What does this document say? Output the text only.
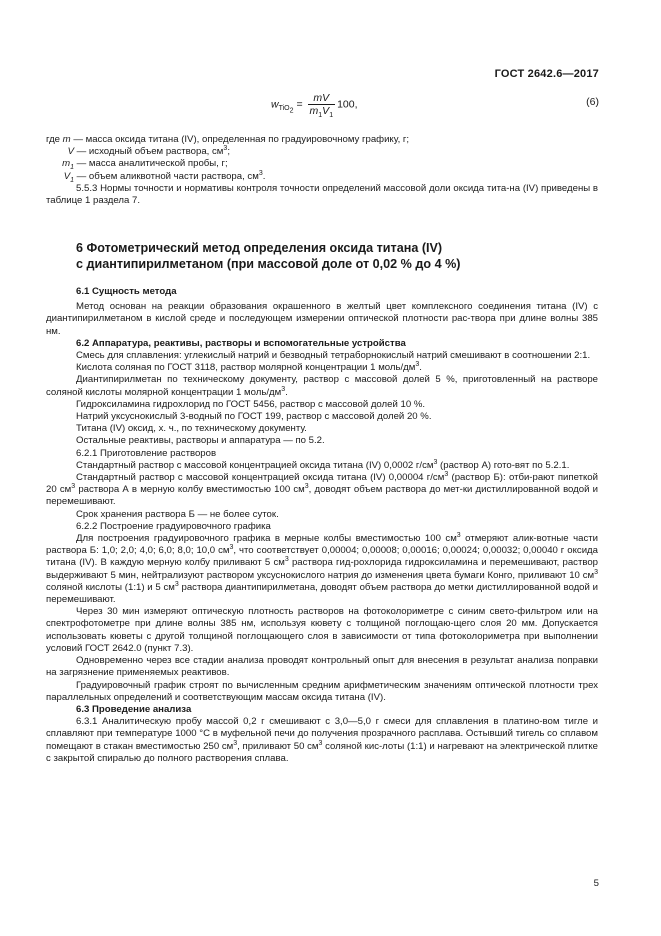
ГОСТ 2642.6—2017
$w_{TiO_2} = \frac{mV}{m_1V_1} 100$,	(6)

где m — масса оксида титана (IV), определенная по градуировочному графику, г;

V — исходный объем раствора, $см^3$;

$m_1$ — масса аналитической пробы, г;

$V_1$ — объем аликвотной части раствора, $см^3$.

5.5.3 Нормы точности и нормативы контроля точности определений массовой доли оксида тита-на (IV) приведены в таблице 1 раздела 7.

6 Фотометрический метод определения оксида титана (IV)

с диантипирилметаном (при массовой доле от 0,02 % до 4 %)

6.1 Сущность метода

Метод основан на реакции образования окрашенного в желтый цвет комплексного соединения титана (IV) с диантипирилметаном в кислой среде и последующем измерении оптической плотности рас-твора при длине волны 385 нм.

6.2 Аппаратура, реактивы, растворы и вспомогательные устройства

Смесь для сплавления: углекислый натрий и безводный тетраборнокислый натрий смешивают в соотношении 2:1.

Кислота соляная по ГОСТ 3118, раствор молярной концентрации 1 моль/$дм^3$.

Диантипирилметан по техническому документу, раствор с массовой долей 5 %, приготовленный на растворе соляной кислоты молярной концентрации 1 моль/$дм^3$.

Гидроксиламина гидрохлорид по ГОСТ 5456, раствор с массовой долей 10 %.

Натрий уксуснокислый 3-водный по ГОСТ 199, раствор с массовой долей 20 %.

Титана (IV) оксид, х. ч., по техническому документу.

Остальные реактивы, растворы и аппаратура — по 5.2.

6.2.1 Приготовление растворов

Стандартный раствор с массовой концентрацией оксида титана (IV) 0,0002 $г/см^3$ (раствор А) гото-вят по 5.2.1.

Стандартный раствор с массовой концентрацией оксида титана (IV) 0,00004 $г/см^3$ (раствор Б): отби-рают пипеткой 20 $см^3$ раствора А в мерную колбу вместимостью 100 $см^3$, доводят объем раствора до мет-ки дистиллированной водой и перемешивают.

Срок хранения раствора Б — не более суток.

6.2.2 Построение градуировочного графика

Для построения градуировочного графика в мерные колбы вместимостью 100 $см^3$ отмеряют алик-вотные части раствора Б: 1,0; 2,0; 4,0; 6,0; 8,0; 10,0 $см^3$, что соответствует 0,00004; 0,00008; 0,00016; 0,00024; 0,00032; 0,00040 г оксида титана (IV). В каждую мерную колбу приливают 5 $см^3$ раствора гид-рохлорида гидроксиламина и перемешивают, раствор выдерживают 5 мин, нейтрализуют раствором уксуснокислого натрия до изменения цвета бумаги Конго, приливают 10 $см^3$ соляной кислоты (1:1) и 5 $см^3$ раствора диантипирилметана, доводят объем раствора до метки дистиллированной водой и перемешивают.

Через 30 мин измеряют оптическую плотность растворов на фотоколориметре с синим свето-фильтром или на спектрофотометре при длине волны 385 нм, используя кювету с толщиной поглощаю-щего слоя 20 мм. Допускается использовать кюветы с другой толщиной поглощающего слоя в зависимости от типа фотоколориметра при выполнении условий ГОСТ 2642.0 (пункт 7.3).

Одновременно через все стадии анализа проводят контрольный опыт для внесения в результат анализа поправки на загрязнение применяемых реактивов.

Градуировочный график строят по вычисленным средним арифметическим значениям оптической плотности трех параллельных определений и соответствующим массам оксида титана (IV).

6.3 Проведение анализа

6.3.1 Аналитическую пробу массой 0,2 г смешивают с 3,0—5,0 г смеси для сплавления в платино-вом тигле и сплавляют при температуре 1000 °C в муфельной печи до получения прозрачного расплава. Остывший тигель со сплавом помещают в стакан вместимостью 250 $см^3$, приливают 50 $см^3$ соляной кис-лоты (1:1) и нагревают на электрической плитке с закрытой спиралью до полного растворения сплава.

5
